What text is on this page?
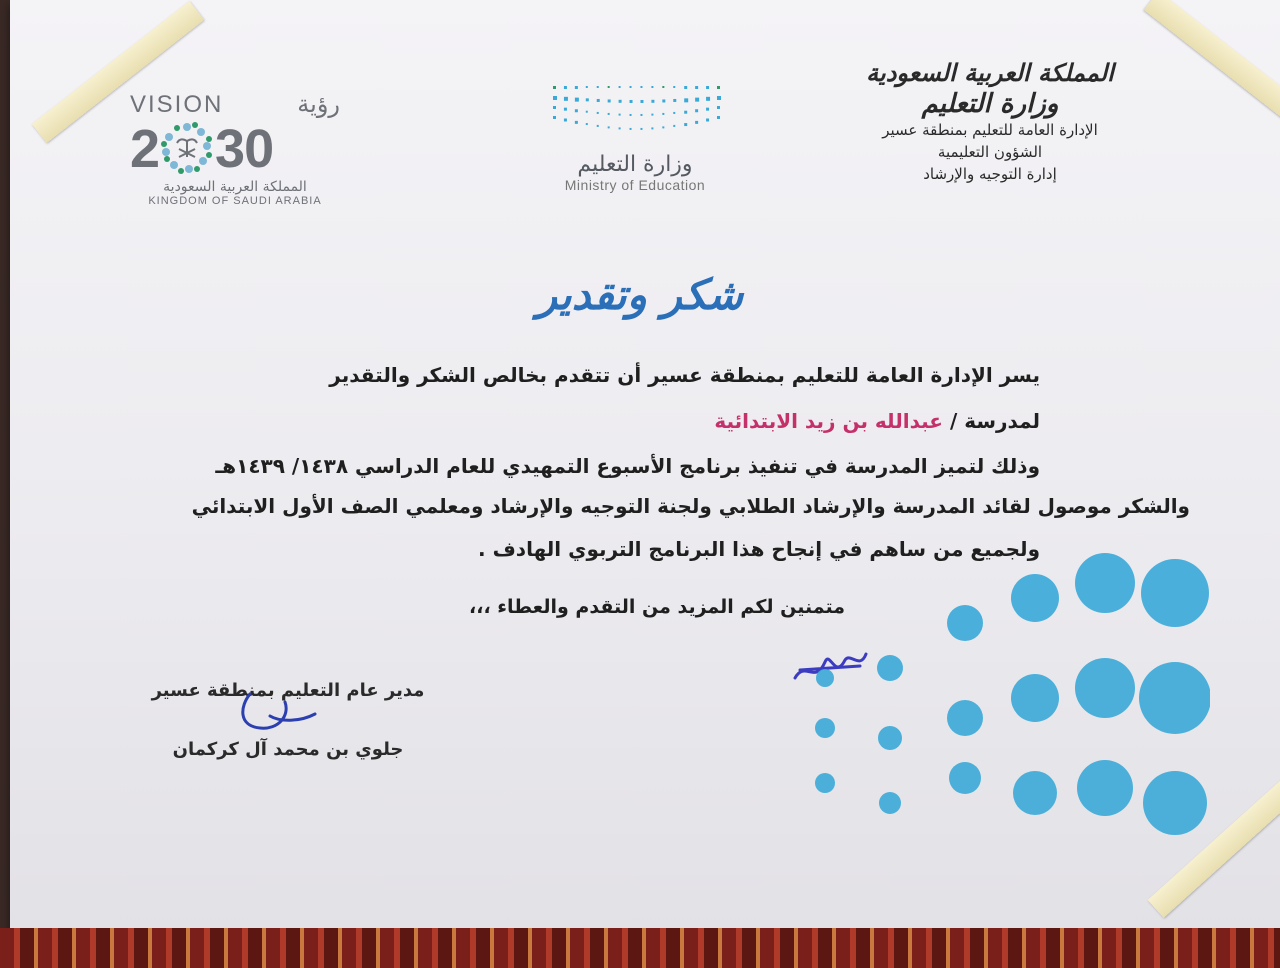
المملكة العربية السعودية
وزارة التعليم
الإدارة العامة للتعليم بمنطقة عسير
الشؤون التعليمية
إدارة التوجيه والإرشاد
وزارة التعليم
Ministry of Education
VISION	رؤية
2 30
المملكة العربية السعودية
KINGDOM OF SAUDI ARABIA
شكر وتقدير
يسر الإدارة العامة للتعليم بمنطقة عسير أن تتقدم بخالص الشكر والتقدير
لمدرسة / عبدالله بن زيد الابتدائية
وذلك لتميز المدرسة في تنفيذ برنامج الأسبوع التمهيدي للعام الدراسي ١٤٣٨/ ١٤٣٩هـ
والشكر موصول لقائد المدرسة والإرشاد الطلابي ولجنة التوجيه والإرشاد ومعلمي الصف الأول الابتدائي
ولجميع من ساهم في إنجاح هذا البرنامج التربوي الهادف .
متمنين لكم المزيد من التقدم والعطاء ،،،
مدير عام التعليم بمنطقة عسير
جلوي بن محمد آل كركمان
